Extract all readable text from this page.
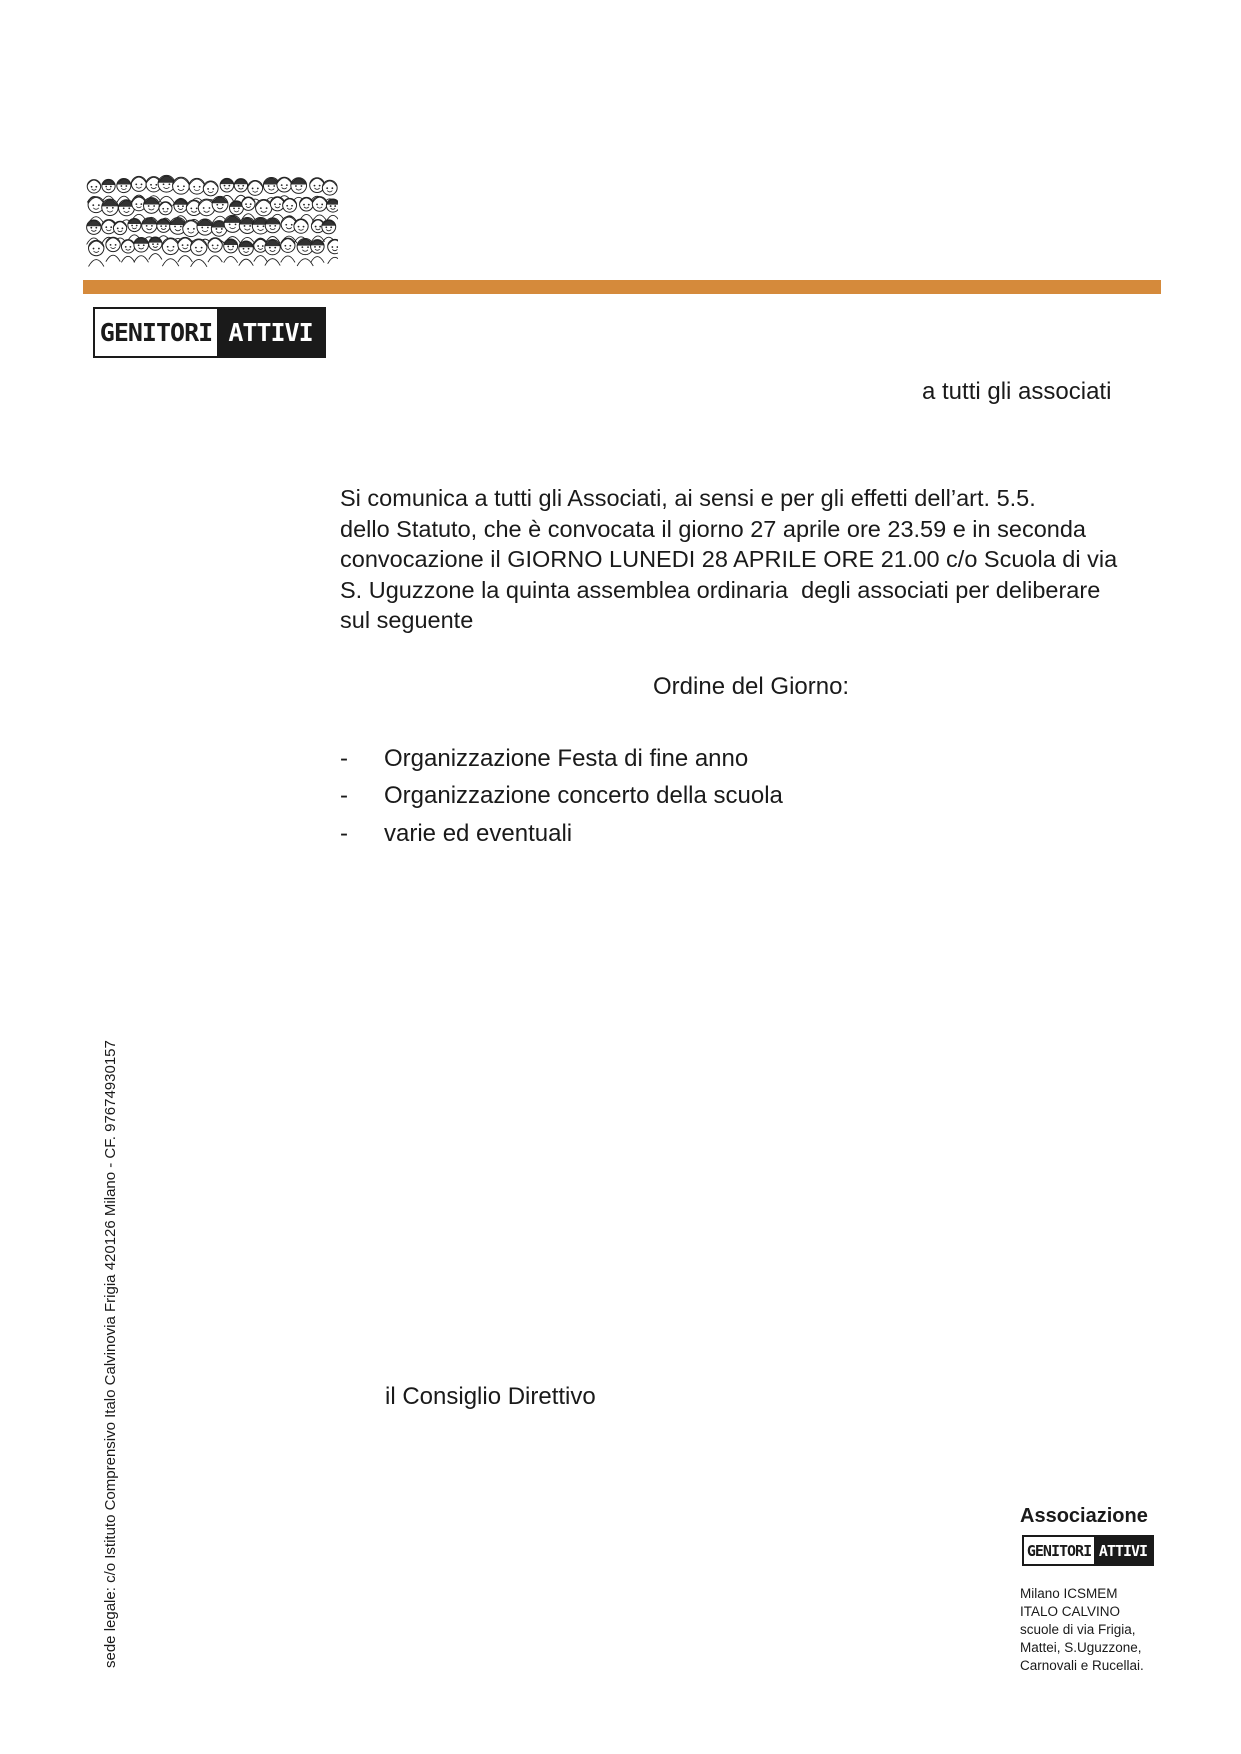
GENITORI ATTIVI
a tutti gli associati
Si comunica a tutti gli Associati, ai sensi e per gli effetti dell’art. 5.5.
dello Statuto, che è convocata il giorno 27 aprile ore 23.59 e in seconda
convocazione il GIORNO LUNEDI 28 APRILE ORE 21.00 c/o Scuola di via
S. Uguzzone la quinta assemblea ordinaria  degli associati per deliberare
sul seguente
Ordine del Giorno:
- Organizzazione Festa di fine anno
- Organizzazione concerto della scuola
- varie ed eventuali
il Consiglio Direttivo
Associazione
GENITORI ATTIVI
Milano ICSMEM
ITALO CALVINO
scuole di via Frigia,
Mattei, S.Uguzzone,
Carnovali e Rucellai.
sede legale: c/o Istituto Comprensivo Italo Calvinovia Frigia 420126 Milano - CF. 97674930157
